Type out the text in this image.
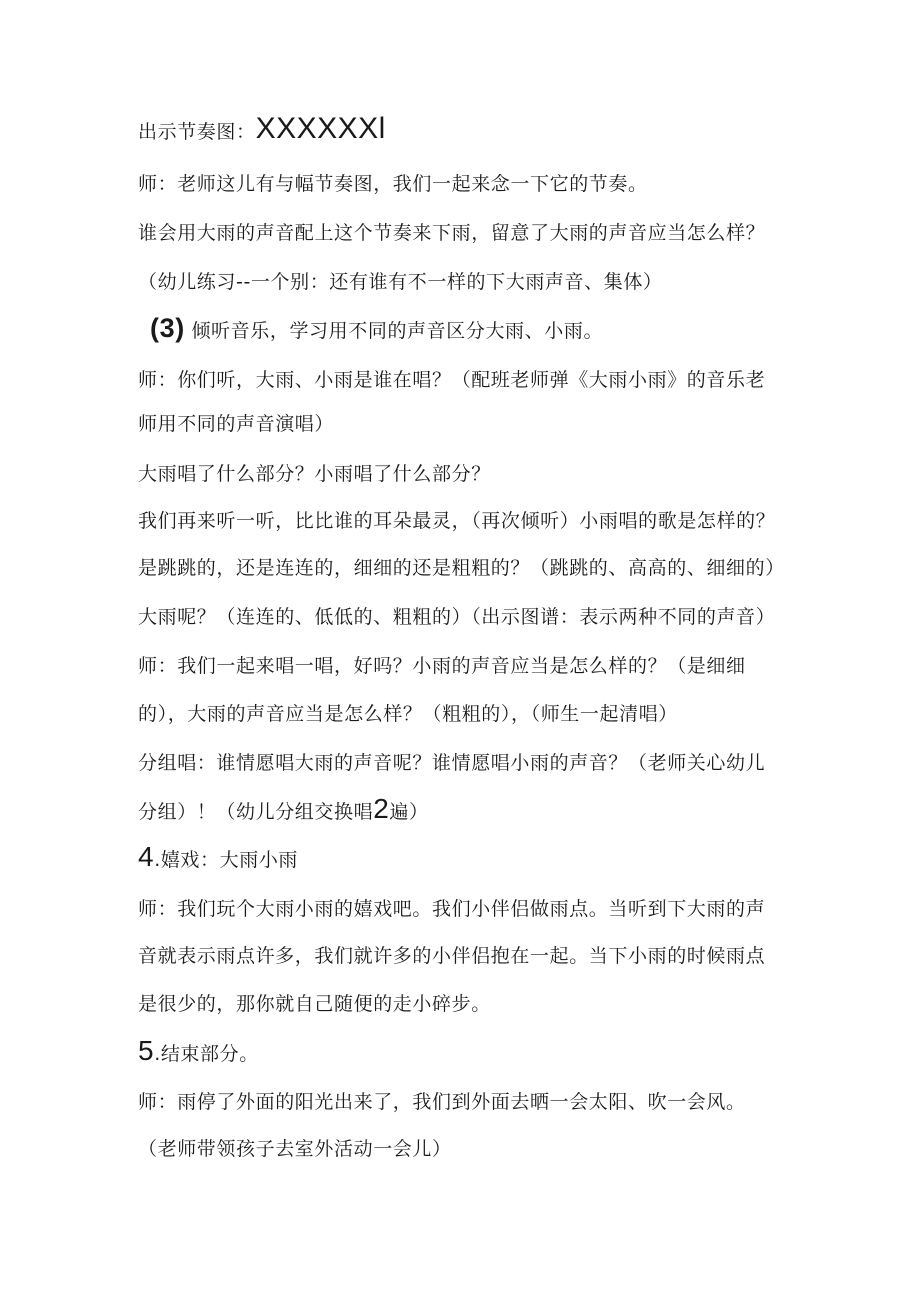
出示节奏图：XXXXXXl
师：老师这儿有与幅节奏图，我们一起来念一下它的节奏。
谁会用大雨的声音配上这个节奏来下雨，留意了大雨的声音应当怎么样？
（幼儿练习--一个别：还有谁有不一样的下大雨声音、集体）
(3) 倾听音乐，学习用不同的声音区分大雨、小雨。
师：你们听，大雨、小雨是谁在唱？（配班老师弹《大雨小雨》的音乐老
师用不同的声音演唱）
大雨唱了什么部分？小雨唱了什么部分？
我们再来听一听，比比谁的耳朵最灵，（再次倾听）小雨唱的歌是怎样的？
是跳跳的，还是连连的，细细的还是粗粗的？（跳跳的、高高的、细细的）
大雨呢？（连连的、低低的、粗粗的）（出示图谱：表示两种不同的声音）
师：我们一起来唱一唱，好吗？小雨的声音应当是怎么样的？（是细细
的），大雨的声音应当是怎么样？（粗粗的），（师生一起清唱）
分组唱：谁情愿唱大雨的声音呢？谁情愿唱小雨的声音？（老师关心幼儿
分组）！（幼儿分组交换唱2遍）
4.嬉戏：大雨小雨
师：我们玩个大雨小雨的嬉戏吧。我们小伴侣做雨点。当听到下大雨的声
音就表示雨点许多，我们就许多的小伴侣抱在一起。当下小雨的时候雨点
是很少的，那你就自己随便的走小碎步。
5.结束部分。
师：雨停了外面的阳光出来了，我们到外面去晒一会太阳、吹一会风。
（老师带领孩子去室外活动一会儿）
